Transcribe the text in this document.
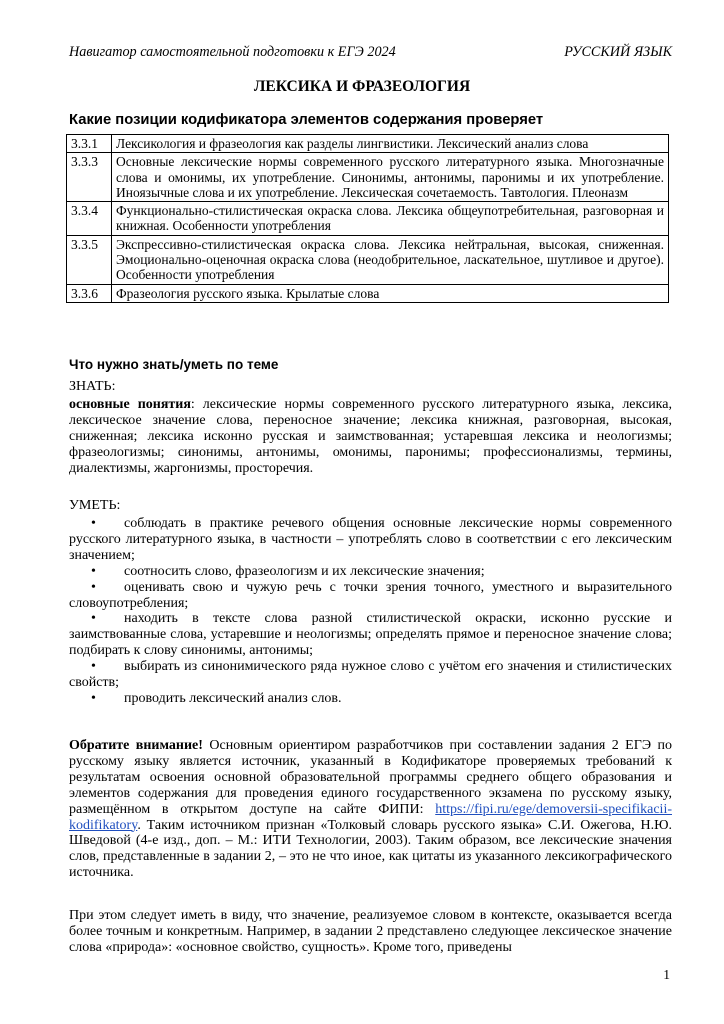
Навигатор самостоятельной подготовки к ЕГЭ 2024	РУССКИЙ ЯЗЫК
ЛЕКСИКА И ФРАЗЕОЛОГИЯ
Какие позиции кодификатора элементов содержания проверяет
3.3.1	Лексикология и фразеология как разделы лингвистики. Лексический анализ слова
3.3.3	Основные лексические нормы современного русского литературного языка. Многозначные слова и омонимы, их употребление. Синонимы, антонимы, паронимы и их употребление. Иноязычные слова и их употребление. Лексическая сочетаемость. Тавтология. Плеоназм
3.3.4	Функционально-стилистическая окраска слова. Лексика общеупотребительная, разговорная и книжная. Особенности употребления
3.3.5	Экспрессивно-стилистическая окраска слова. Лексика нейтральная, высокая, сниженная. Эмоционально-оценочная окраска слова (неодобрительное, ласкательное, шутливое и другое). Особенности употребления
3.3.6	Фразеология русского языка. Крылатые слова
Что нужно знать/уметь по теме
ЗНАТЬ:
основные понятия: лексические нормы современного русского литературного языка, лексика, лексическое значение слова, переносное значение; лексика книжная, разговорная, высокая, сниженная; лексика исконно русская и заимствованная; устаревшая лексика и неологизмы; фразеологизмы; синонимы, антонимы, омонимы, паронимы; профессионализмы, термины, диалектизмы, жаргонизмы, просторечия.
УМЕТЬ:
• соблюдать в практике речевого общения основные лексические нормы современного русского литературного языка, в частности – употреблять слово в соответствии с его лексическим значением;
• соотносить слово, фразеологизм и их лексические значения;
• оценивать свою и чужую речь с точки зрения точного, уместного и выразительного словоупотребления;
• находить в тексте слова разной стилистической окраски, исконно русские и заимствованные слова, устаревшие и неологизмы; определять прямое и переносное значение слова; подбирать к слову синонимы, антонимы;
• выбирать из синонимического ряда нужное слово с учётом его значения и стилистических свойств;
• проводить лексический анализ слов.
Обратите внимание! Основным ориентиром разработчиков при составлении задания 2 ЕГЭ по русскому языку является источник, указанный в Кодификаторе проверяемых требований к результатам освоения основной образовательной программы среднего общего образования и элементов содержания для проведения единого государственного экзамена по русскому языку, размещённом в открытом доступе на сайте ФИПИ: https://fipi.ru/ege/demoversii-specifikacii-kodifikatory. Таким источником признан «Толковый словарь русского языка» С.И. Ожегова, Н.Ю. Шведовой (4-е изд., доп. – М.: ИТИ Технологии, 2003). Таким образом, все лексические значения слов, представленные в задании 2, – это не что иное, как цитаты из указанного лексикографического источника.
При этом следует иметь в виду, что значение, реализуемое словом в контексте, оказывается всегда более точным и конкретным. Например, в задании 2 представлено следующее лексическое значение слова «природа»: «основное свойство, сущность». Кроме того, приведены
1
